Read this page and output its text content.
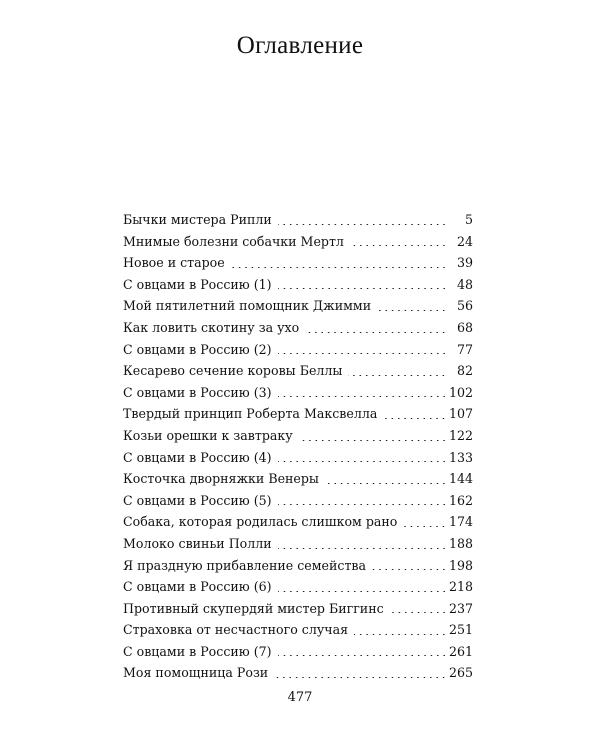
Оглавление
Бычки мистера Рипли	5
Мнимые болезни собачки Мертл	24
Новое и старое	39
С овцами в Россию (1)	48
Мой пятилетний помощник Джимми	56
Как ловить скотину за ухо	68
С овцами в Россию (2)	77
Кесарево сечение коровы Беллы	82
С овцами в Россию (3)	102
Твердый принцип Роберта Максвелла	107
Козьи орешки к завтраку	122
С овцами в Россию (4)	133
Косточка дворняжки Венеры	144
С овцами в Россию (5)	162
Собака, которая родилась слишком рано	174
Молоко свиньи Полли	188
Я праздную прибавление семейства	198
С овцами в Россию (6)	218
Противный скупердяй мистер Биггинс	237
Страховка от несчастного случая	251
С овцами в Россию (7)	261
Моя помощница Рози	265
477
